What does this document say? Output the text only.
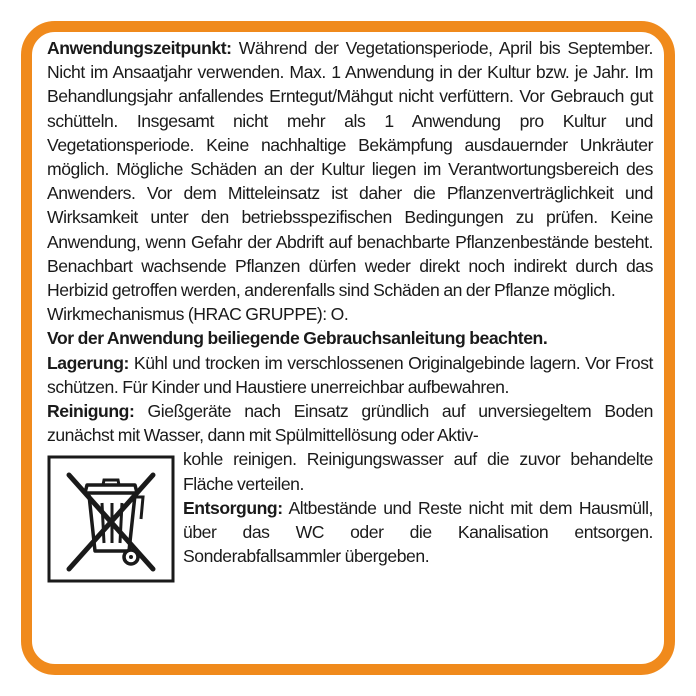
Anwendungszeitpunkt: Während der Vegetationsperiode, April bis September. Nicht im Ansaatjahr verwenden. Max. 1 Anwendung in der Kultur bzw. je Jahr. Im Behandlungsjahr anfallendes Erntegut/Mähgut nicht verfüttern. Vor Gebrauch gut schütteln. Insgesamt nicht mehr als 1 Anwendung pro Kultur und Vegetationsperiode. Keine nachhaltige Bekämpfung ausdauernder Unkräuter möglich. Mögliche Schäden an der Kultur liegen im Verantwortungsbereich des Anwenders. Vor dem Mitteleinsatz ist daher die Pflanzenverträglichkeit und Wirksamkeit unter den betriebsspezifischen Bedingungen zu prüfen. Keine Anwendung, wenn Gefahr der Abdrift auf benachbarte Pflanzenbestände besteht. Benachbart wachsende Pflanzen dürfen weder direkt noch indirekt durch das Herbizid getroffen werden, anderenfalls sind Schäden an der Pflanze möglich.

Wirkmechanismus (HRAC GRUPPE): O.

Vor der Anwendung beiliegende Gebrauchsanleitung beachten.

Lagerung: Kühl und trocken im verschlossenen Originalgebinde lagern. Vor Frost schützen. Für Kinder und Haustiere unerreichbar aufbewahren.

Reinigung: Gießgeräte nach Einsatz gründlich auf unversiegeltem Boden zunächst mit Wasser, dann mit Spülmittellösung oder Aktiv-

kohle reinigen. Reinigungswasser auf die zuvor behandelte Fläche verteilen.

Entsorgung: Altbestände und Reste nicht mit dem Hausmüll, über das WC oder die Kanalisation entsorgen. Sonderabfallsammler übergeben.
